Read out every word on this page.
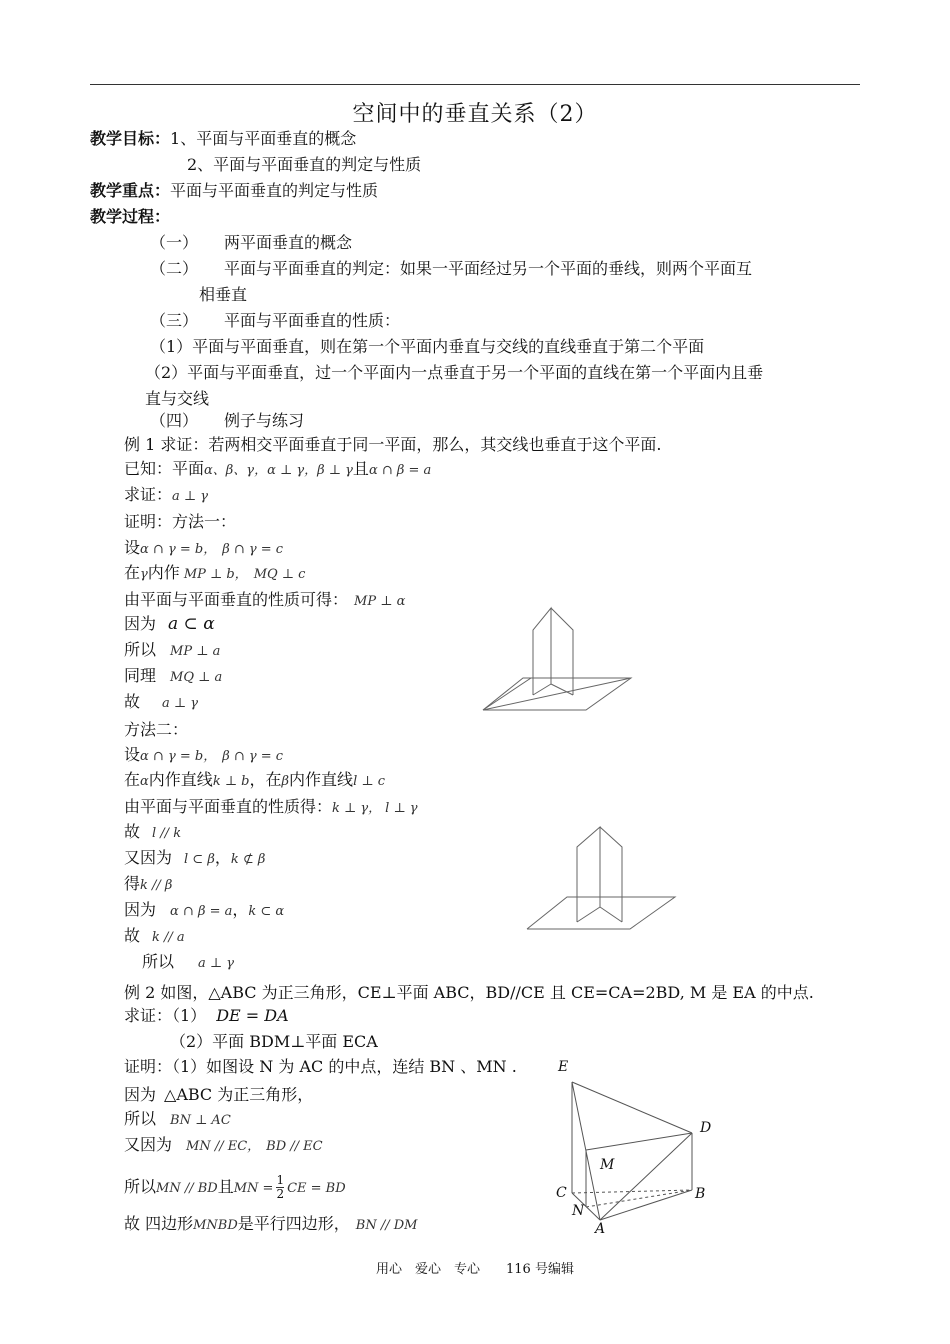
空间中的垂直关系（2）
教学目标：1、平面与平面垂直的概念
2、平面与平面垂直的判定与性质
教学重点：平面与平面垂直的判定与性质
教学过程：
（一） 两平面垂直的概念
（二） 平面与平面垂直的判定：如果一平面经过另一个平面的垂线，则两个平面互
相垂直
（三） 平面与平面垂直的性质：
（1）平面与平面垂直，则在第一个平面内垂直与交线的直线垂直于第二个平面
（2）平面与平面垂直，过一个平面内一点垂直于另一个平面的直线在第一个平面内且垂
直与交线
（四） 例子与练习
例 1 求证：若两相交平面垂直于同一平面，那么，其交线也垂直于这个平面.
已知：平面α、β、γ，α ⊥ γ，β ⊥ γ且α ∩ β = a
求证：a ⊥ γ
证明：方法一：
设α ∩ γ = b， β ∩ γ = c
在γ内作 MP ⊥ b， MQ ⊥ c
由平面与平面垂直的性质可得： MP ⊥ α
因为 a ⊂ α
所以 MP ⊥ a
同理 MQ ⊥ a
故 a ⊥ γ
方法二：
设α ∩ γ = b， β ∩ γ = c
在α内作直线k ⊥ b，在β内作直线l ⊥ c
由平面与平面垂直的性质得：k ⊥ γ， l ⊥ γ
故 l // k
又因为 l ⊂ β，k ⊄ β
得k // β
因为 α ∩ β = a，k ⊂ α
故 k // a
所以 a ⊥ γ
例 2 如图，△ABC 为正三角形，CE⊥平面 ABC，BD//CE 且 CE=CA=2BD, M 是 EA 的中点.
求证：（1） DE = DA
（2）平面 BDM⊥平面 ECA
证明：（1）如图设 N 为 AC 的中点，连结 BN 、MN .
因为 △ABC 为正三角形，
所以 BN ⊥ AC
又因为 MN // EC， BD // EC
所以MN // BD且MN = $\frac{1}{2}$ CE = BD
故 四边形MNBD是平行四边形， BN // DM
E
D
M
C	B
N
A
用心　爱心　专心　　116 号编辑
